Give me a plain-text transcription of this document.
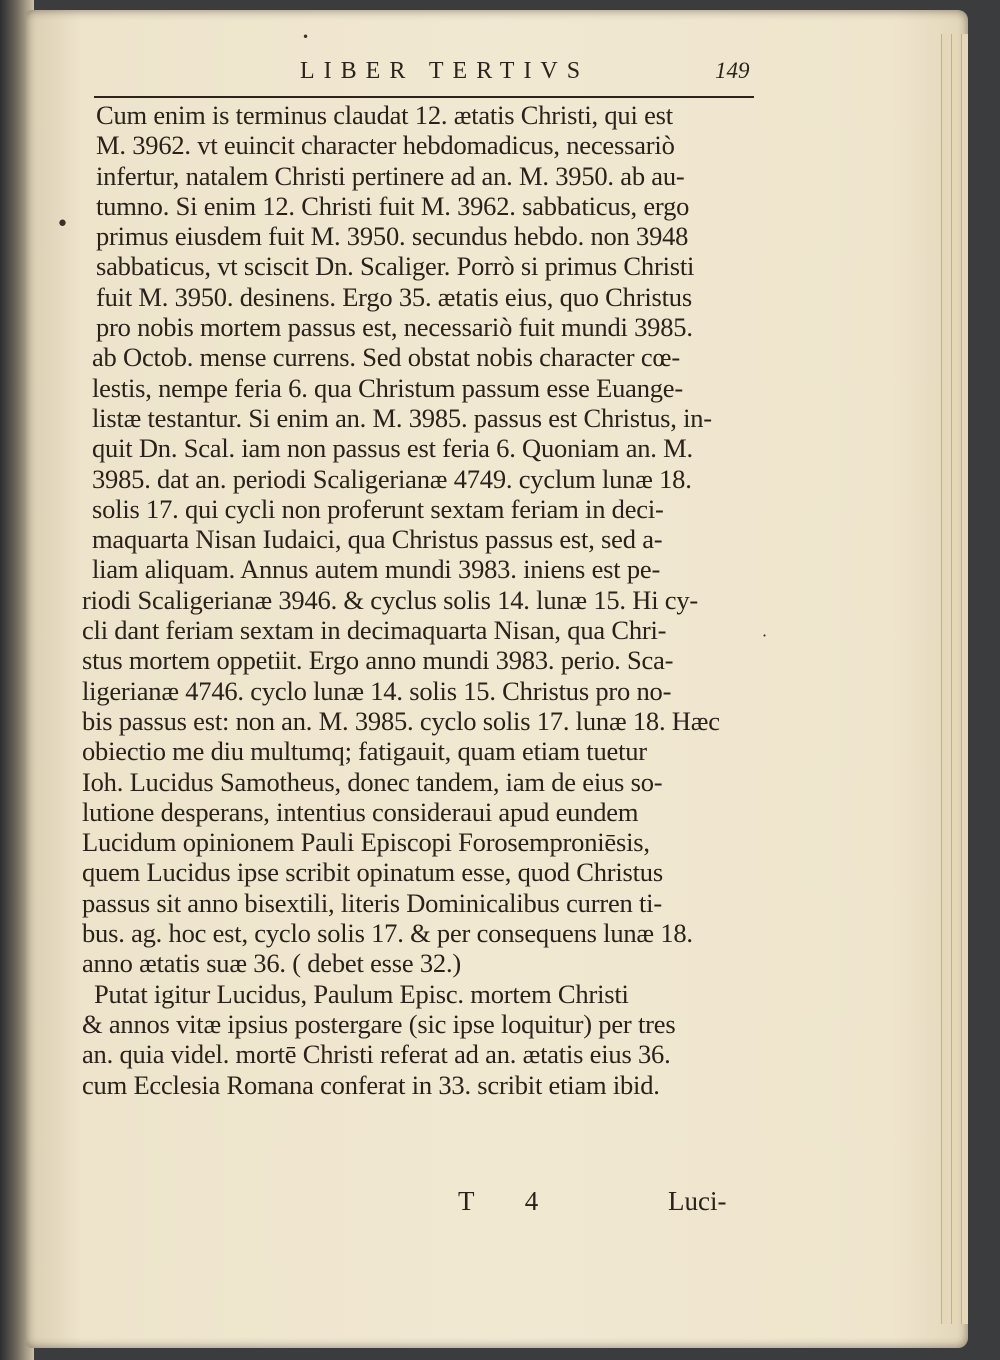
LIBER TERTIVS	149
•
•
·
Cum enim is terminus claudat 12. ætatis Christi, qui est
M. 3962. vt euincit character hebdomadicus, necessariò
infertur, natalem Christi pertinere ad an. M. 3950. ab au-
tumno. Si enim 12. Christi fuit M. 3962. sabbaticus, ergo
primus eiusdem fuit M. 3950. secundus hebdo. non 3948
sabbaticus, vt sciscit Dn. Scaliger. Porrò si primus Christi
fuit M. 3950. desinens. Ergo 35. ætatis eius, quo Christus
pro nobis mortem passus est, necessariò fuit mundi 3985.
ab Octob. mense currens. Sed obstat nobis character cœ-
lestis, nempe feria 6. qua Christum passum esse Euange-
listæ testantur. Si enim an. M. 3985. passus est Christus, in-
quit Dn. Scal. iam non passus est feria 6. Quoniam an. M.
3985. dat an. periodi Scaligerianæ 4749. cyclum lunæ 18.
solis 17. qui cycli non proferunt sextam feriam in deci-
maquarta Nisan Iudaici, qua Christus passus est, sed a-
liam aliquam. Annus autem mundi 3983. iniens est pe-
riodi Scaligerianæ 3946. & cyclus solis 14. lunæ 15. Hi cy-
cli dant feriam sextam in decimaquarta Nisan, qua Chri-
stus mortem oppetiit. Ergo anno mundi 3983. perio. Sca-
ligerianæ 4746. cyclo lunæ 14. solis 15. Christus pro no-
bis passus est: non an. M. 3985. cyclo solis 17. lunæ 18. Hæc
obiectio me diu multumq; fatigauit, quam etiam tuetur
Ioh. Lucidus Samotheus, donec tandem, iam de eius so-
lutione desperans, intentius consideraui apud eundem
Lucidum opinionem Pauli Episcopi Forosemproniēsis,
quem Lucidus ipse scribit opinatum esse, quod Christus
passus sit anno bisextili, literis Dominicalibus curren ti-
bus. ag. hoc est, cyclo solis 17. & per consequens lunæ 18.
anno ætatis suæ 36. ( debet esse 32.)
Putat igitur Lucidus, Paulum Episc. mortem Christi
& annos vitæ ipsius postergare (sic ipse loquitur) per tres
an. quia videl. mortē Christi referat ad an. ætatis eius 36.
cum Ecclesia Romana conferat in 33. scribit etiam ibid.
T 4	Luci-
